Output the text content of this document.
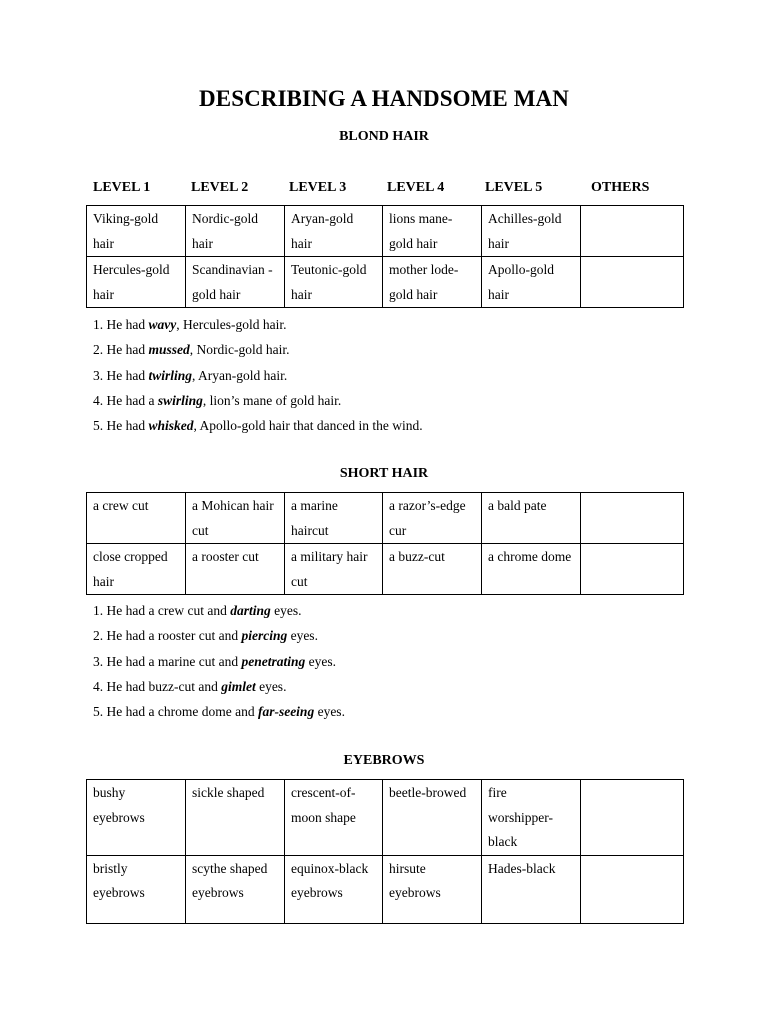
DESCRIBING A HANDSOME MAN
BLOND HAIR
LEVEL 1	LEVEL 2	LEVEL 3	LEVEL 4	LEVEL 5	OTHERS
Viking-gold hair	Nordic-gold hair	Aryan-gold hair	lions mane-gold hair	Achilles-gold hair	
Hercules-gold hair	Scandinavian -gold hair	Teutonic-gold hair	mother lode-gold hair	Apollo-gold hair	
1. He had wavy, Hercules-gold hair.
2. He had mussed, Nordic-gold hair.
3. He had twirling, Aryan-gold hair.
4. He had a swirling, lion’s mane of gold hair.
5. He had whisked, Apollo-gold hair that danced in the wind.
SHORT HAIR
a crew cut	a Mohican hair cut	a marine haircut	a razor’s-edge cur	a bald pate	
close cropped hair	a rooster cut	a military hair cut	a buzz-cut	a chrome dome	
1. He had a crew cut and darting eyes.
2. He had a rooster cut and piercing eyes.
3. He had a marine cut and penetrating eyes.
4. He had buzz-cut and gimlet eyes.
5. He had a chrome dome and far-seeing eyes.
EYEBROWS
bushy eyebrows	sickle shaped	crescent-of-moon shape	beetle-browed	fire worshipper-black	
bristly eyebrows	scythe shaped eyebrows	equinox-black eyebrows	hirsute eyebrows	Hades-black	
